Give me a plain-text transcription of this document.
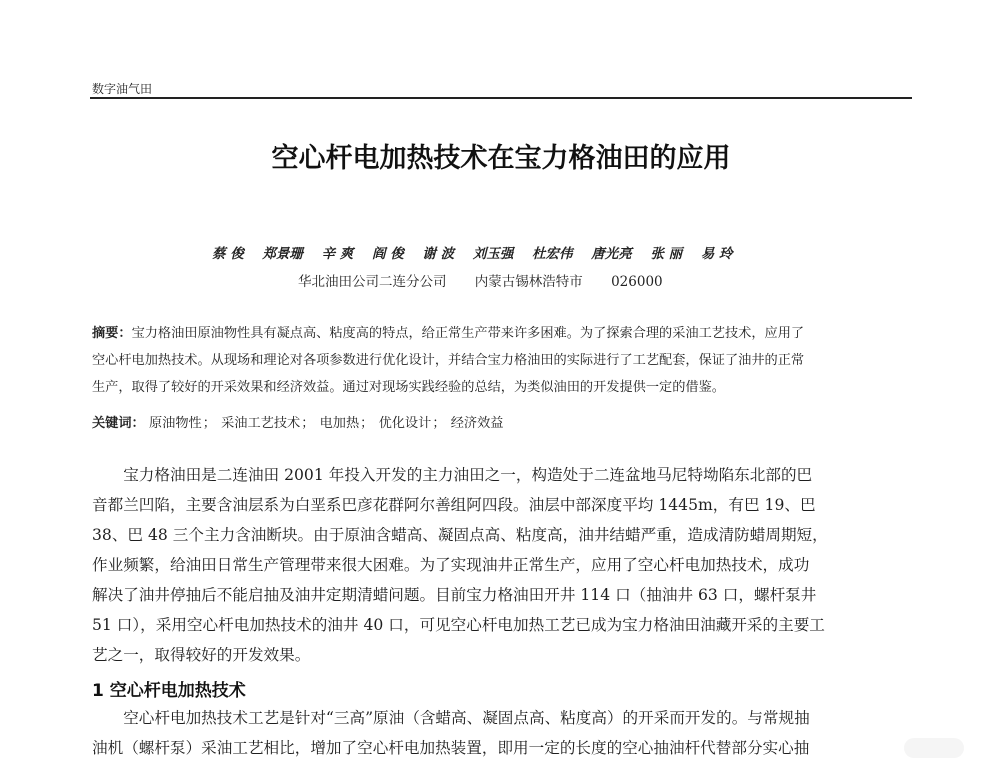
数字油气田
空心杆电加热技术在宝力格油田的应用
蔡 俊 郑景珊 辛 爽 阎 俊 谢 波 刘玉强 杜宏伟 唐光亮 张 丽 易 玲
华北油田公司二连分公司 内蒙古锡林浩特市 026000
摘要：宝力格油田原油物性具有凝点高、粘度高的特点，给正常生产带来许多困难。为了探索合理的采油工艺技术，应用了
空心杆电加热技术。从现场和理论对各项参数进行优化设计，并结合宝力格油田的实际进行了工艺配套，保证了油井的正常
生产，取得了较好的开采效果和经济效益。通过对现场实践经验的总结，为类似油田的开发提供一定的借鉴。
关键词： 原油物性； 采油工艺技术； 电加热； 优化设计； 经济效益
　　宝力格油田是二连油田 2001 年投入开发的主力油田之一，构造处于二连盆地马尼特坳陷东北部的巴
音都兰凹陷，主要含油层系为白垩系巴彦花群阿尔善组阿四段。油层中部深度平均 1445m，有巴 19、巴
38、巴 48 三个主力含油断块。由于原油含蜡高、凝固点高、粘度高，油井结蜡严重，造成清防蜡周期短，
作业频繁，给油田日常生产管理带来很大困难。为了实现油井正常生产，应用了空心杆电加热技术，成功
解决了油井停抽后不能启抽及油井定期清蜡问题。目前宝力格油田开井 114 口（抽油井 63 口，螺杆泵井
51 口），采用空心杆电加热技术的油井 40 口，可见空心杆电加热工艺已成为宝力格油田油藏开采的主要工
艺之一，取得较好的开发效果。
1 空心杆电加热技术
　　空心杆电加热技术工艺是针对“三高”原油（含蜡高、凝固点高、粘度高）的开采而开发的。与常规抽
油机（螺杆泵）采油工艺相比，增加了空心杆电加热装置，即用一定的长度的空心抽油杆代替部分实心抽
